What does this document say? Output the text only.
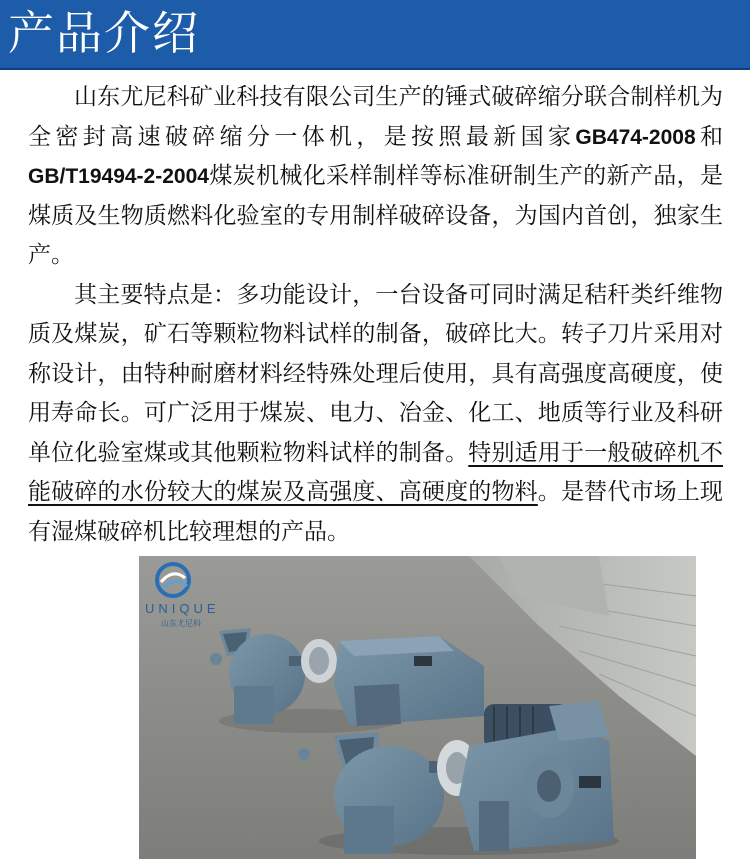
产品介绍

山东尤尼科矿业科技有限公司生产的锤式破碎缩分联合制样机为全密封高速破碎缩分一体机，是按照最新国家GB474-2008和GB/T19494-2-2004煤炭机械化采样制样等标准研制生产的新产品，是煤质及生物质燃料化验室的专用制样破碎设备，为国内首创，独家生产。

其主要特点是：多功能设计，一台设备可同时满足秸秆类纤维物质及煤炭，矿石等颗粒物料试样的制备，破碎比大。转子刀片采用对称设计，由特种耐磨材料经特殊处理后使用，具有高强度高硬度，使用寿命长。可广泛用于煤炭、电力、冶金、化工、地质等行业及科研单位化验室煤或其他颗粒物料试样的制备。特别适用于一般破碎机不能破碎的水份较大的煤炭及高强度、高硬度的物料。是替代市场上现有湿煤破碎机比较理想的产品。

UNIQUE
山东尤尼科
